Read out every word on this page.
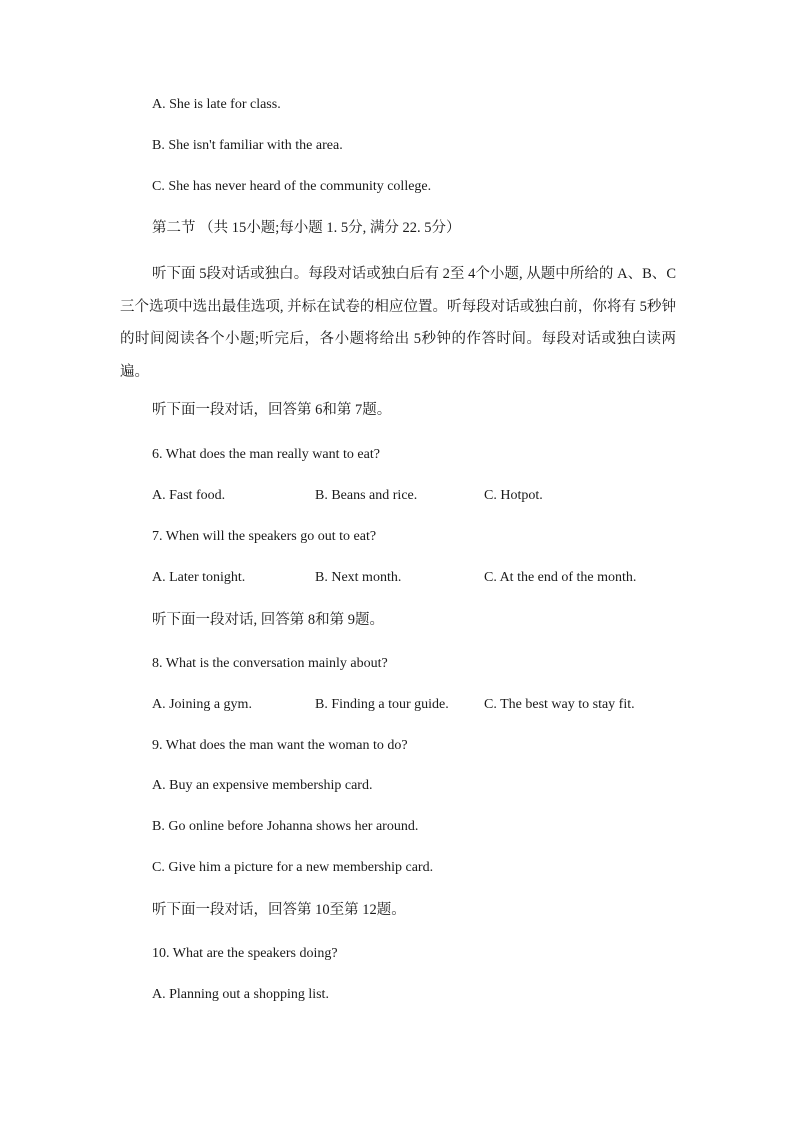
A. She is late for class.
B. She isn't familiar with the area.
C. She has never heard of the community college.
第二节 （共 15小题;每小题 1. 5分, 满分 22. 5分）
听下面 5段对话或独白。每段对话或独白后有 2至 4个小题, 从题中所给的 A、B、C三个选项中选出最佳选项, 并标在试卷的相应位置。听每段对话或独白前，你将有 5秒钟的时间阅读各个小题;听完后，各小题将给出 5秒钟的作答时间。每段对话或独白读两遍。
听下面一段对话，回答第 6和第 7题。
6. What does the man really want to eat?
A. Fast food.	B. Beans and rice.	C. Hotpot.
7. When will the speakers go out to eat?
A. Later tonight.	B. Next month.	C. At the end of the month.
听下面一段对话, 回答第 8和第 9题。
8. What is the conversation mainly about?
A. Joining a gym.	B. Finding a tour guide.	C. The best way to stay fit.
9. What does the man want the woman to do?
A. Buy an expensive membership card.
B. Go online before Johanna shows her around.
C. Give him a picture for a new membership card.
听下面一段对话，回答第 10至第 12题。
10. What are the speakers doing?
A. Planning out a shopping list.
